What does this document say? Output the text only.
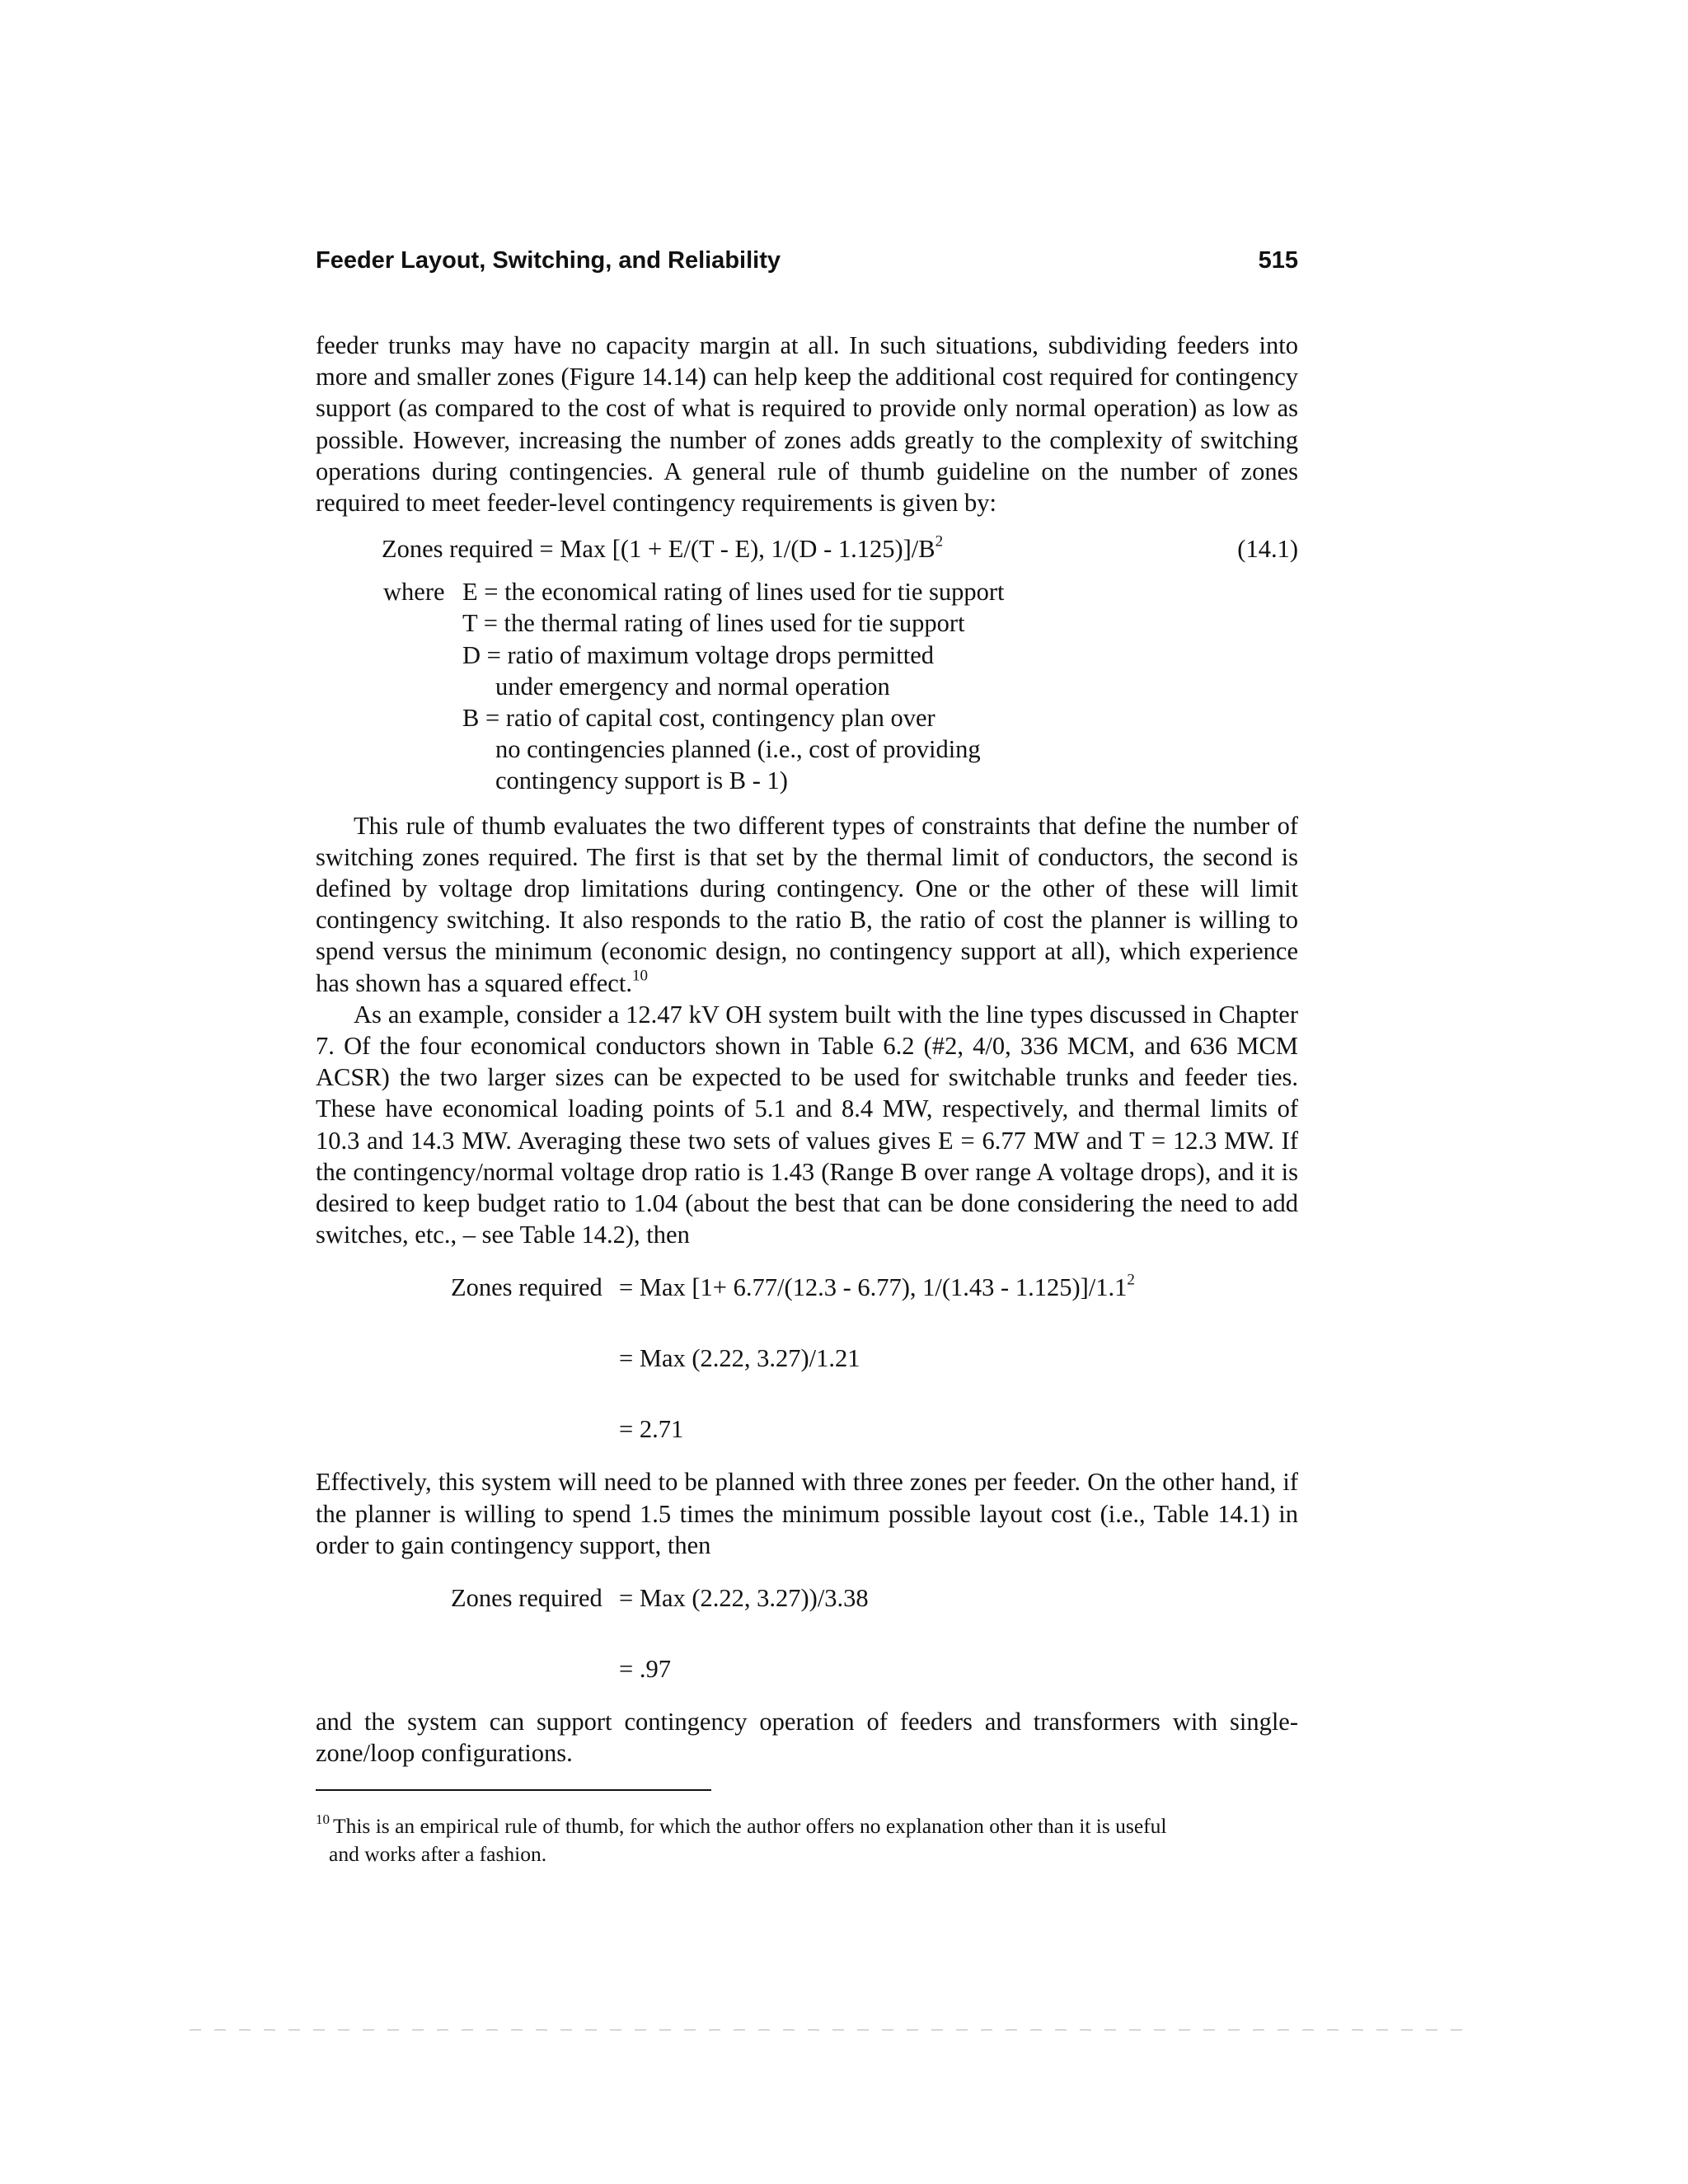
Feeder Layout, Switching, and Reliability	515

feeder trunks may have no capacity margin at all. In such situations, subdividing feeders into more and smaller zones (Figure 14.14) can help keep the additional cost required for contingency support (as compared to the cost of what is required to provide only normal operation) as low as possible. However, increasing the number of zones adds greatly to the complexity of switching operations during contingencies. A general rule of thumb guideline on the number of zones required to meet feeder-level contingency requirements is given by:

Zones required = Max [(1 + E/(T - E), $1/(D - 1.125)]/B^2$	(14.1)
where E = the economical rating of lines used for tie support
T = the thermal rating of lines used for tie support
D = ratio of maximum voltage drops permitted
under emergency and normal operation
B = ratio of capital cost, contingency plan over
no contingencies planned (i.e., cost of providing
contingency support is B - 1)

This rule of thumb evaluates the two different types of constraints that define the number of switching zones required. The first is that set by the thermal limit of conductors, the second is defined by voltage drop limitations during contingency. One or the other of these will limit contingency switching. It also responds to the ratio B, the ratio of cost the planner is willing to spend versus the minimum (economic design, no contingency support at all), which experience has shown has a squared effect.$^{10}$

As an example, consider a 12.47 kV OH system built with the line types discussed in Chapter 7. Of the four economical conductors shown in Table 6.2 (#2, 4/0, 336 MCM, and 636 MCM ACSR) the two larger sizes can be expected to be used for switchable trunks and feeder ties. These have economical loading points of 5.1 and 8.4 MW, respectively, and thermal limits of 10.3 and 14.3 MW. Averaging these two sets of values gives E = 6.77 MW and T = 12.3 MW. If the contingency/normal voltage drop ratio is 1.43 (Range B over range A voltage drops), and it is desired to keep budget ratio to 1.04 (about the best that can be done considering the need to add switches, etc., – see Table 14.2), then

Zones required = Max [1+ 6.77/(12.3 - 6.77), $1/(1.43 - 1.125)]/1.1^2$
= Max (2.22, 3.27)/1.21
= 2.71

Effectively, this system will need to be planned with three zones per feeder. On the other hand, if the planner is willing to spend 1.5 times the minimum possible layout cost (i.e., Table 14.1) in order to gain contingency support, then

Zones required = Max (2.22, 3.27))/3.38
= .97

and the system can support contingency operation of feeders and transformers with single-zone/loop configurations.

$^{10}$ This is an empirical rule of thumb, for which the author offers no explanation other than it is useful
and works after a fashion.
